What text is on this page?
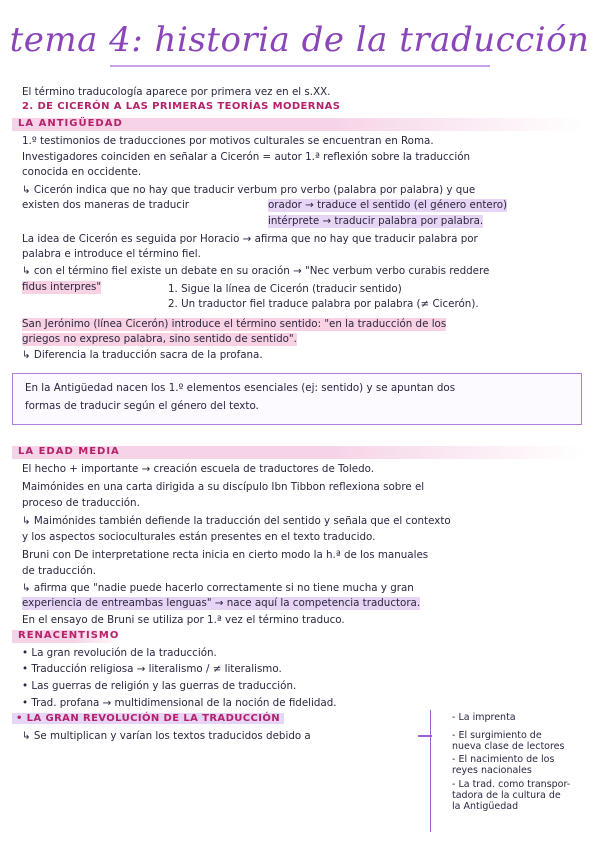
tema 4: historia de la traducción
El término traducología aparece por primera vez en el s.XX.
2. DE CICERÓN A LAS PRIMERAS TEORÍAS MODERNAS
LA ANTIGÜEDAD
1.º testimonios de traducciones por motivos culturales se encuentran en Roma.
Investigadores coinciden en señalar a Cicerón = autor 1.ª reflexión sobre la traducción
conocida en occidente.
↳ Cicerón indica que no hay que traducir verbum pro verbo (palabra por palabra) y que
existen dos maneras de traducir	orador → traduce el sentido (el género entero)
intérprete → traducir palabra por palabra.
La idea de Cicerón es seguida por Horacio → afirma que no hay que traducir palabra por
palabra e introduce el término fiel.
↳ con el término fiel existe un debate en su oración → "Nec verbum verbo curabis reddere
fidus interpres"	1. Sigue la línea de Cicerón (traducir sentido)
2. Un traductor fiel traduce palabra por palabra (≠ Cicerón).
San Jerónimo (línea Cicerón) introduce el término sentido: "en la traducción de los
griegos no expreso palabra, sino sentido de sentido".
↳ Diferencia la traducción sacra de la profana.
En la Antigüedad nacen los 1.º elementos esenciales (ej: sentido) y se apuntan dos
formas de traducir según el género del texto.
LA EDAD MEDIA
El hecho + importante → creación escuela de traductores de Toledo.
Maimónides en una carta dirigida a su discípulo Ibn Tibbon reflexiona sobre el
proceso de traducción.
↳ Maimónides también defiende la traducción del sentido y señala que el contexto
y los aspectos socioculturales están presentes en el texto traducido.
Bruni con De interpretatione recta inicia en cierto modo la h.ª de los manuales
de traducción.
↳ afirma que "nadie puede hacerlo correctamente si no tiene mucha y gran
experiencia de entreambas lenguas" → nace aquí la competencia traductora.
En el ensayo de Bruni se utiliza por 1.ª vez el término traduco.
RENACENTISMO
• La gran revolución de la traducción.
• Traducción religiosa → literalismo / ≠ literalismo.
• Las guerras de religión y las guerras de traducción.
• Trad. profana → multidimensional de la noción de fidelidad.
• LA GRAN REVOLUCIÓN DE LA TRADUCCIÓN
↳ Se multiplican y varían los textos traducidos debido a
- La imprenta
- El surgimiento de
nueva clase de lectores
- El nacimiento de los
reyes nacionales
- La trad. como transpor-
tadora de la cultura de
la Antigüedad
